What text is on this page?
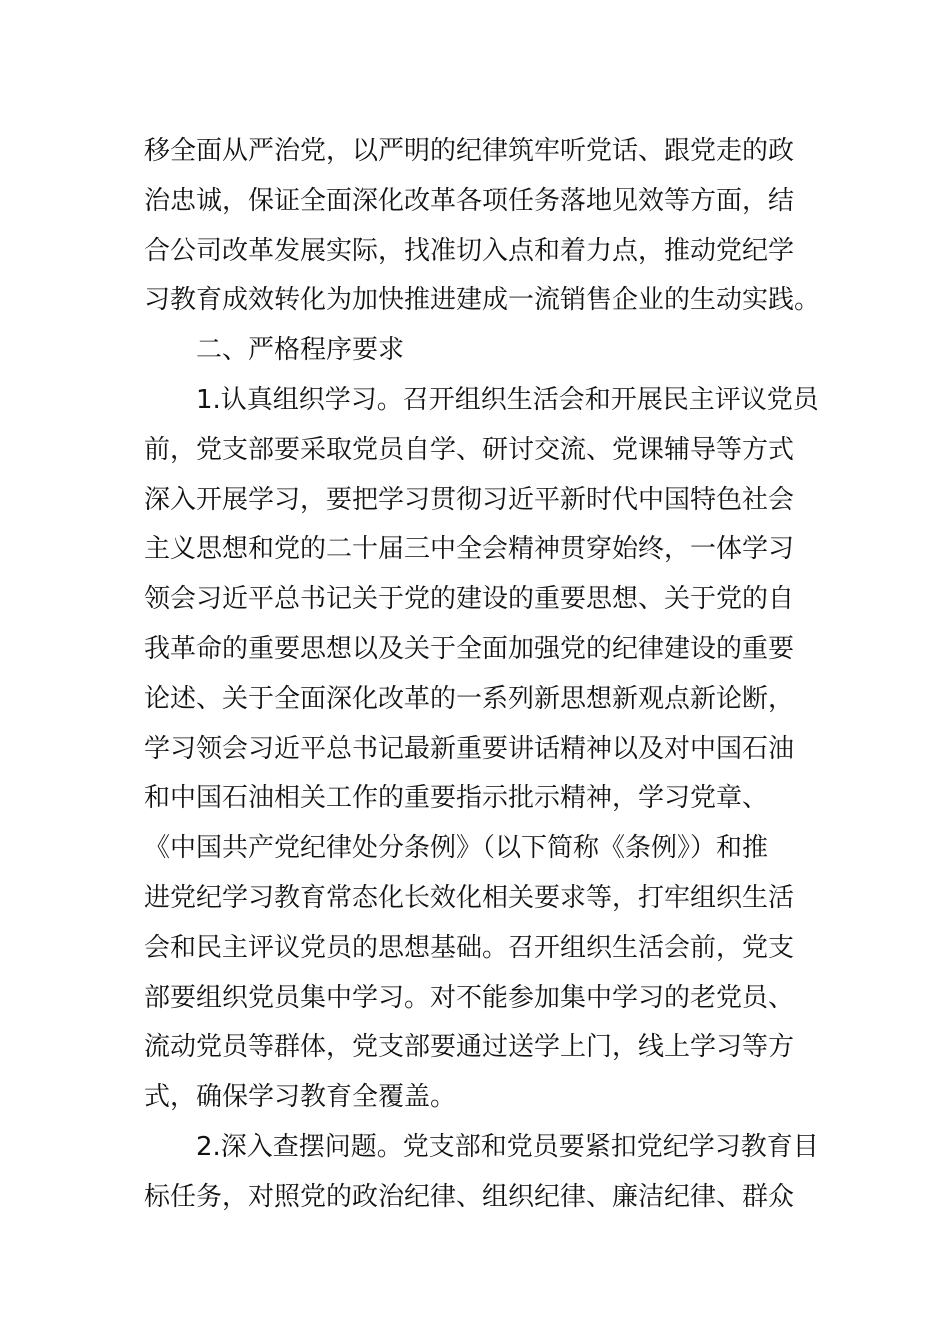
移全面从严治党，以严明的纪律筑牢听党话、跟党走的政
治忠诚，保证全面深化改革各项任务落地见效等方面，结
合公司改革发展实际，找准切入点和着力点，推动党纪学
习教育成效转化为加快推进建成一流销售企业的生动实践。
二、严格程序要求
1.认真组织学习。召开组织生活会和开展民主评议党员
前，党支部要采取党员自学、研讨交流、党课辅导等方式
深入开展学习，要把学习贯彻习近平新时代中国特色社会
主义思想和党的二十届三中全会精神贯穿始终，一体学习
领会习近平总书记关于党的建设的重要思想、关于党的自
我革命的重要思想以及关于全面加强党的纪律建设的重要
论述、关于全面深化改革的一系列新思想新观点新论断，
学习领会习近平总书记最新重要讲话精神以及对中国石油
和中国石油相关工作的重要指示批示精神，学习党章、
《中国共产党纪律处分条例》（以下简称《条例》）和推
进党纪学习教育常态化长效化相关要求等，打牢组织生活
会和民主评议党员的思想基础。召开组织生活会前，党支
部要组织党员集中学习。对不能参加集中学习的老党员、
流动党员等群体，党支部要通过送学上门，线上学习等方
式，确保学习教育全覆盖。
2.深入查摆问题。党支部和党员要紧扣党纪学习教育目
标任务，对照党的政治纪律、组织纪律、廉洁纪律、群众
